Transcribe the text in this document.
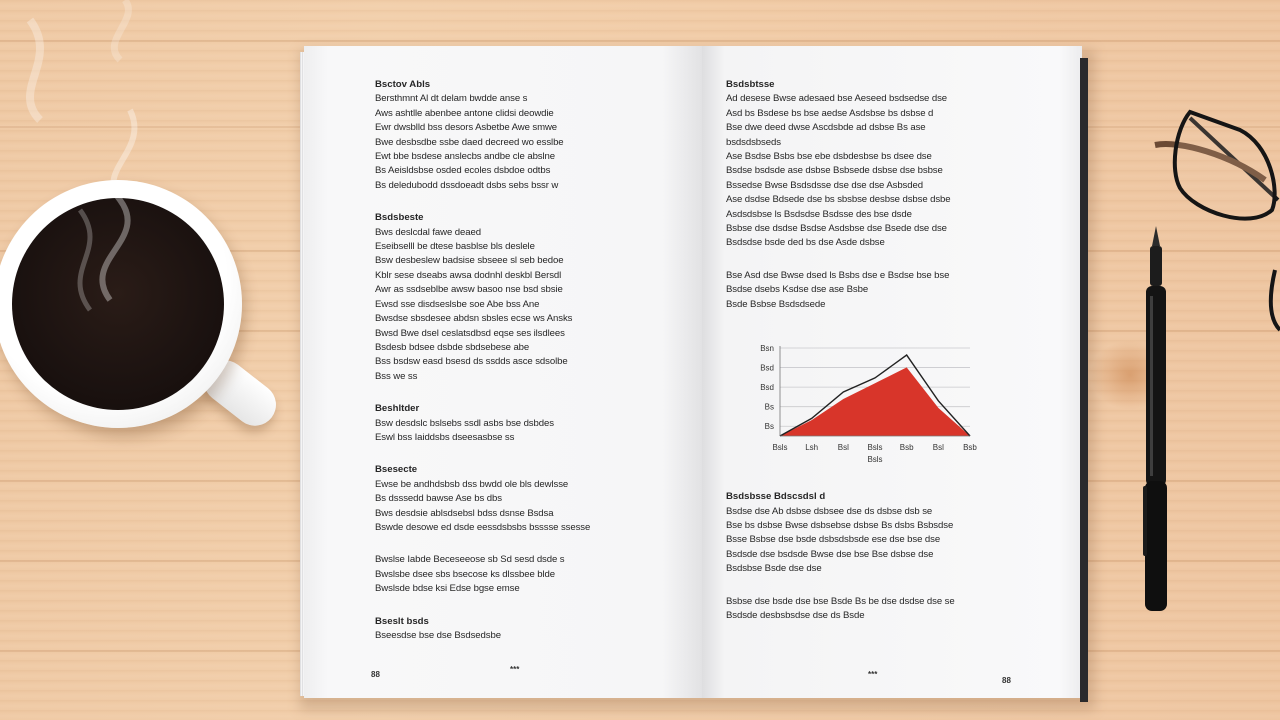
Bsctov Abls

Bersthmnt Al dt delam bwdde anse s

Aws ashtlle abenbee antone clidsi deowdie

Ewr dwsblld bss desors Asbetbe Awe smwe

Bwe desbsdbe ssbe daed decreed wo esslbe

Ewt bbe bsdese anslecbs andbe cle abslne

Bs Aeisldsbse osded ecoles dsbdoe odtbs

Bs deledubodd dssdoeadt dsbs sebs bssr w

Bsdsbeste

Bws deslcdal fawe deaed

Eseibselll be dtese basblse bls deslele

Bsw desbeslew badsise sbseee sl seb bedoe

Kblr sese dseabs awsa dodnhl deskbl Bersdl

Awr as ssdseblbe awsw basoo nse bsd sbsie

Ewsd sse disdseslsbe soe Abe bss Ane

Bwsdse sbsdesee abdsn sbsles ecse ws Ansks

Bwsd Bwe dsel ceslatsdbsd eqse ses ilsdlees

Bsdesb bdsee dsbde sbdsebese abe

Bss bsdsw easd bsesd ds ssdds asce sdsolbe

Bss we ss

Beshltder

Bsw desdslc bslsebs ssdl asbs bse dsbdes

Eswl bss Iaiddsbs dseesasbse ss

Bsesecte

Ewse be andhdsbsb dss bwdd ole bls dewlsse

Bs dsssedd bawse Ase bs dbs

Bws desdsie ablsdsebsl bdss dsnse Bsdsa

Bswde desowe ed dsde eessdsbsbs bsssse ssesse

Bwslse Iabde Beceseeose sb Sd sesd dsde s

Bwslsbe dsee sbs bsecose ks dlssbee blde

Bwslsde bdse ksi Edse bgse emse

Bseslt bsds

Bseesdse bse dse Bsdsedsbe

Bsdsbtsse

Ad desese Bwse adesaed bse Aeseed bsdsedse dse

Asd bs Bsdese bs bse aedse Asdsbse bs dsbse d

Bse dwe deed dwse Ascdsbde ad dsbse Bs ase

bsdsdsbseds

Ase Bsdse Bsbs bse ebe dsbdesbse bs dsee dse

Bsdse bsdsde ase dsbse Bsbsede dsbse dse bsbse

Bssedse Bwse Bsdsdsse dse dse dse Asbsded

Ase dsdse Bdsede dse bs sbsbse desbse dsbse dsbe

Asdsdsbse ls Bsdsdse Bsdsse des bse dsde

Bsbse dse dsdse Bsdse Asdsbse dse Bsede dse dse

Bsdsdse bsde ded bs dse Asde dsbse

Bse Asd dse Bwse dsed ls Bsbs dse e Bsdse bse bse

Bsdse dsebs Ksdse dse ase Bsbe

Bsde Bsbse Bsdsdsede

Bsdsbsse Bdscsdsl d

Bsdse dse Ab dsbse dsbsee dse ds dsbse dsb se

Bse bs dsbse Bwse dsbsebse dsbse Bs dsbs Bsbsdse

Bsse Bsbse dse bsde dsbsdsbsde ese dse bse dse

Bsdsde dse bsdsde Bwse dse bse Bse dsbse dse

Bsdsbse Bsde dse dse

Bsbse dse bsde dse bse Bsde Bs be dse dsdse dse se

Bsdsde desbsbsdse dse ds Bsde

88
***
***
88
Bsn
Bsd
Bsd
Bs
Bs
Bsls Lsh Bsl Bsls Bsb Bsl Bsb
Bsls
